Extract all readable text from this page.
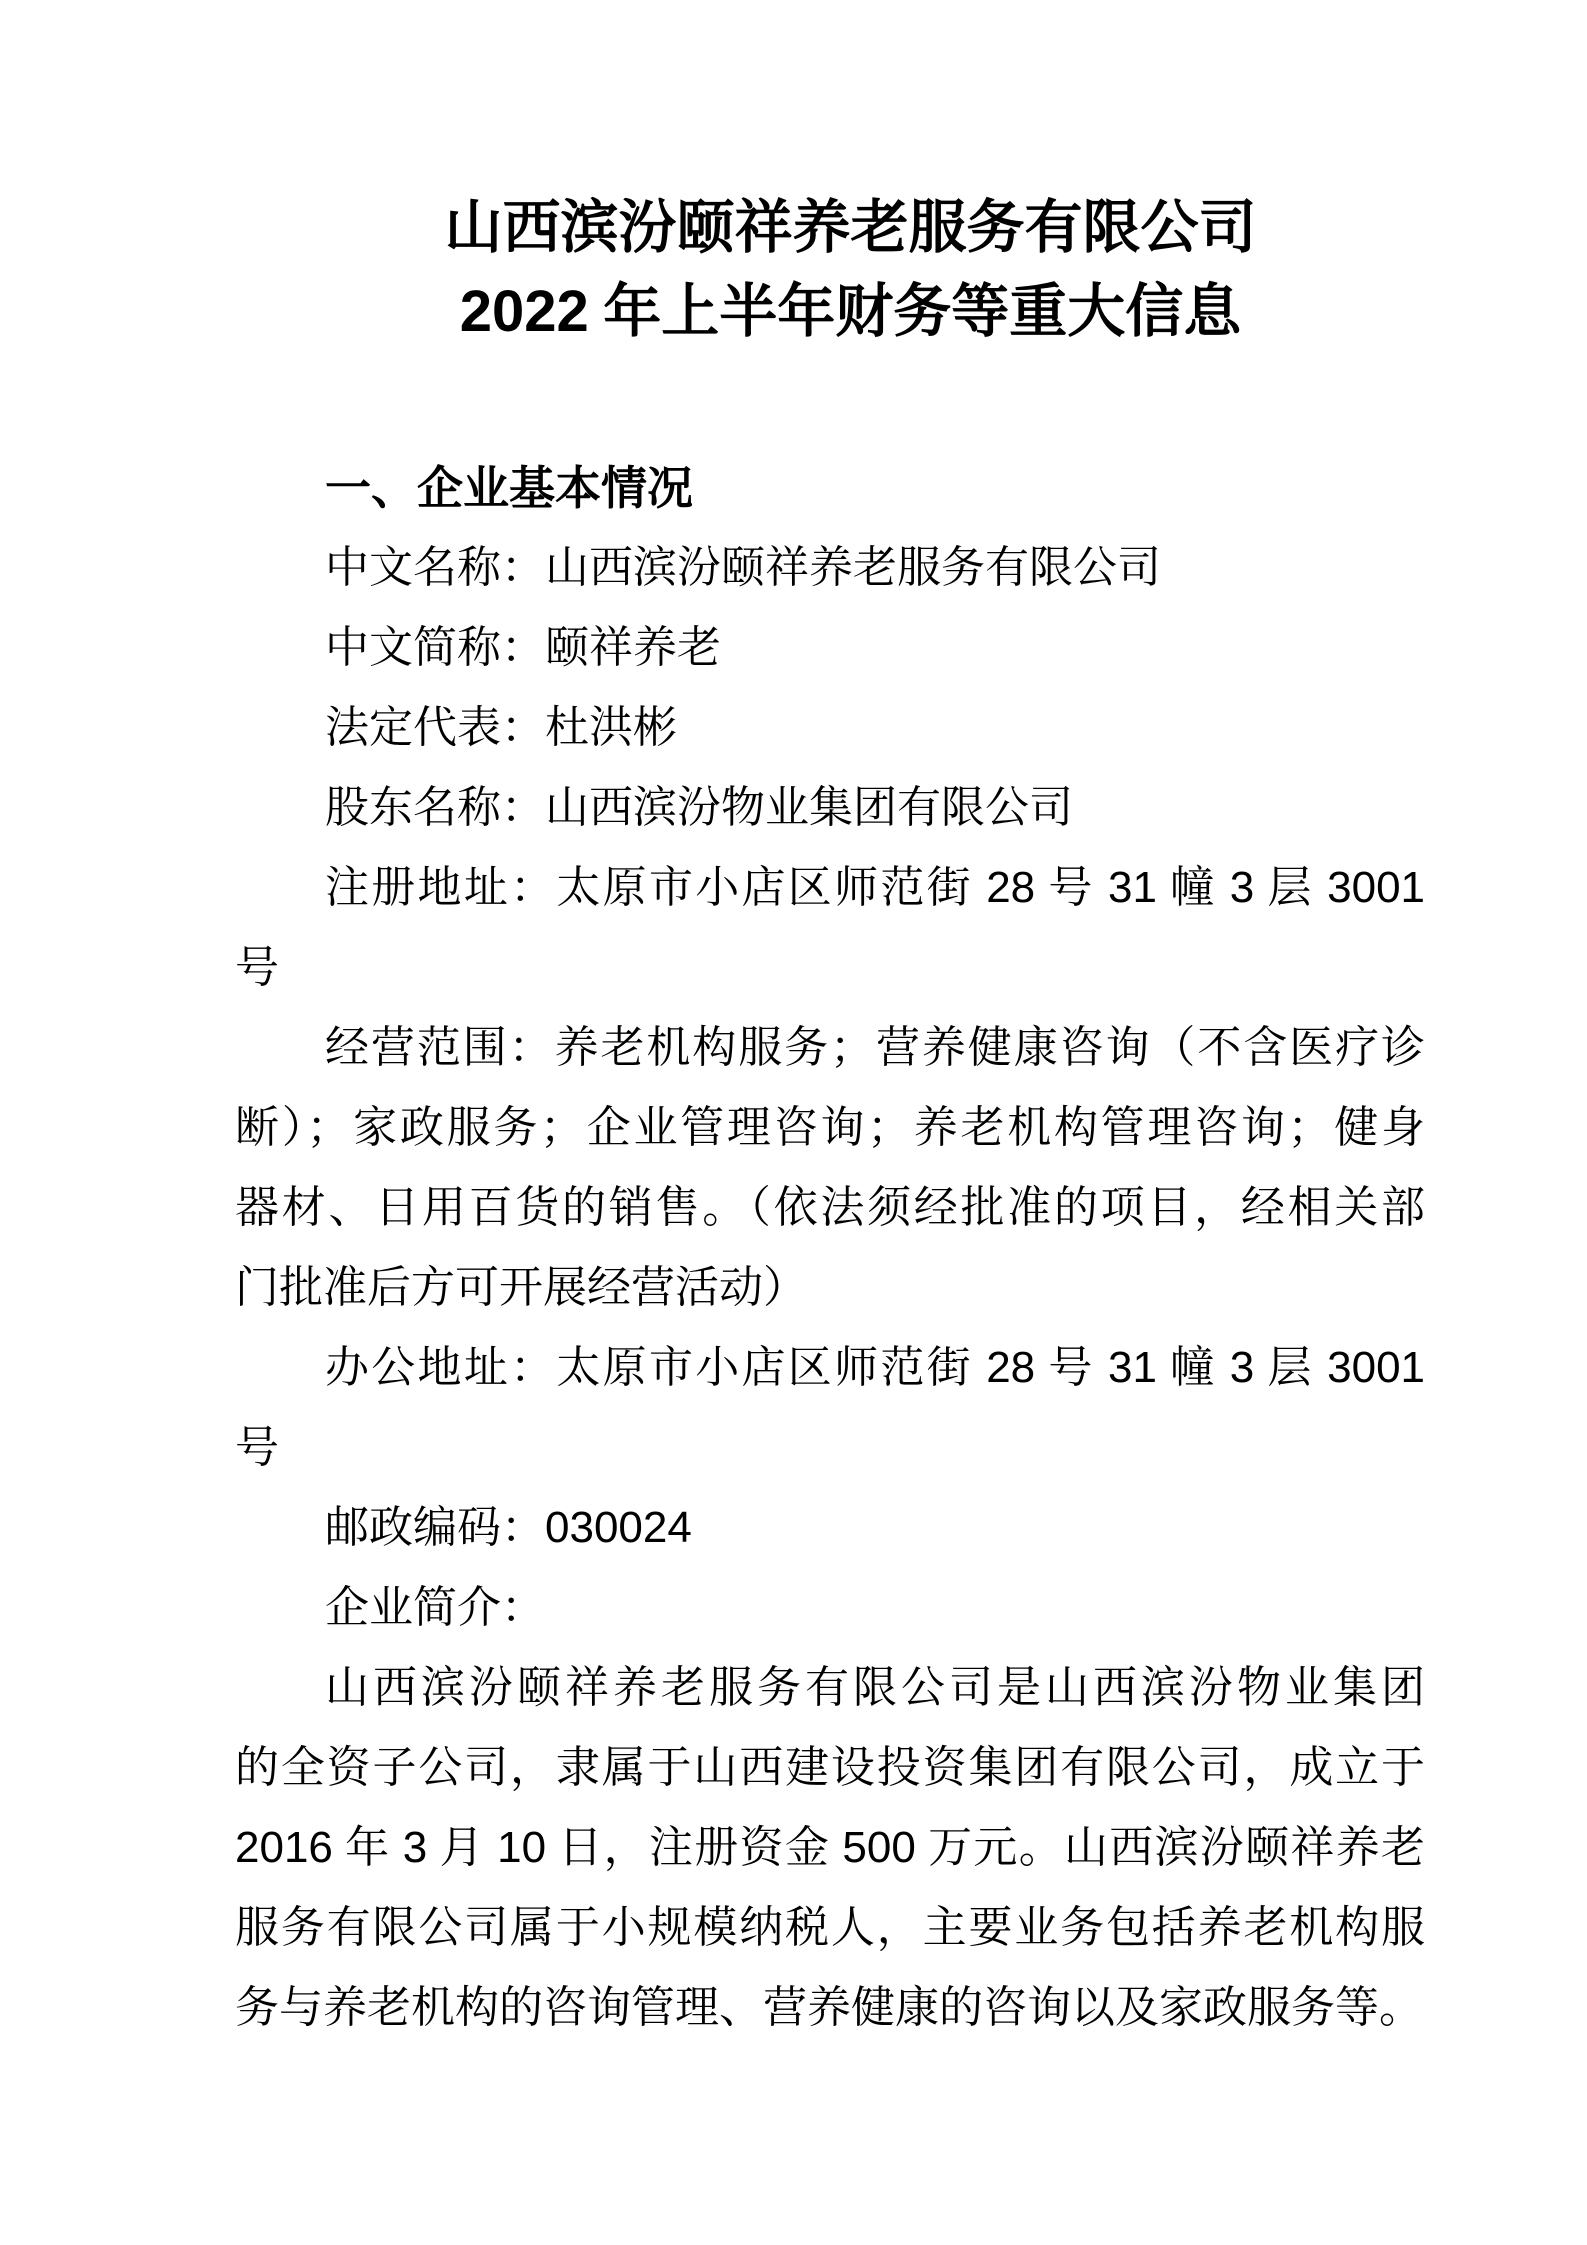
山西滨汾颐祥养老服务有限公司
2022 年上半年财务等重大信息
一、企业基本情况
中文名称：山西滨汾颐祥养老服务有限公司
中文简称：颐祥养老
法定代表：杜洪彬
股东名称：山西滨汾物业集团有限公司
注册地址：太原市小店区师范街 28 号 31 幢 3 层 3001
号
经营范围：养老机构服务；营养健康咨询（不含医疗诊
断）；家政服务；企业管理咨询；养老机构管理咨询；健身
器材、日用百货的销售。（依法须经批准的项目，经相关部
门批准后方可开展经营活动）
办公地址：太原市小店区师范街 28 号 31 幢 3 层 3001
号
邮政编码：030024
企业简介：
山西滨汾颐祥养老服务有限公司是山西滨汾物业集团
的全资子公司，隶属于山西建设投资集团有限公司，成立于
2016 年 3 月 10 日，注册资金 500 万元。山西滨汾颐祥养老
服务有限公司属于小规模纳税人，主要业务包括养老机构服
务与养老机构的咨询管理、营养健康的咨询以及家政服务等。
